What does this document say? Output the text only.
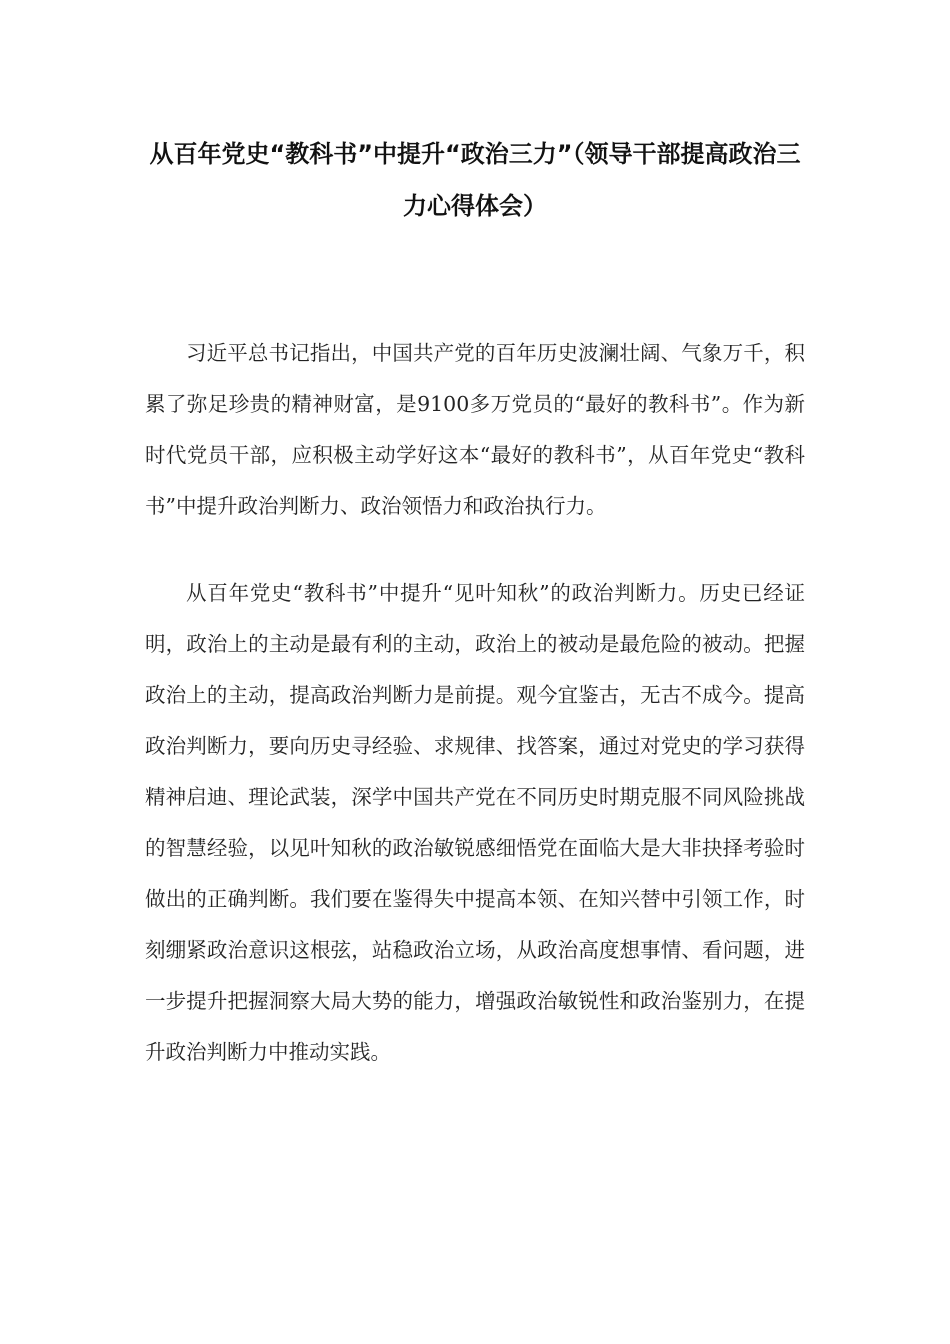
从百年党史“教科书”中提升“政治三力”（领导干部提高政治三力心得体会）

习近平总书记指出，中国共产党的百年历史波澜壮阔、气象万千，积累了弥足珍贵的精神财富，是9100多万党员的“最好的教科书”。作为新时代党员干部，应积极主动学好这本“最好的教科书”，从百年党史“教科书”中提升政治判断力、政治领悟力和政治执行力。

从百年党史“教科书”中提升“见叶知秋”的政治判断力。历史已经证明，政治上的主动是最有利的主动，政治上的被动是最危险的被动。把握政治上的主动，提高政治判断力是前提。观今宜鉴古，无古不成今。提高政治判断力，要向历史寻经验、求规律、找答案，通过对党史的学习获得精神启迪、理论武装，深学中国共产党在不同历史时期克服不同风险挑战的智慧经验，以见叶知秋的政治敏锐感细悟党在面临大是大非抉择考验时做出的正确判断。我们要在鉴得失中提高本领、在知兴替中引领工作，时刻绷紧政治意识这根弦，站稳政治立场，从政治高度想事情、看问题，进一步提升把握洞察大局大势的能力，增强政治敏锐性和政治鉴别力，在提升政治判断力中推动实践。
